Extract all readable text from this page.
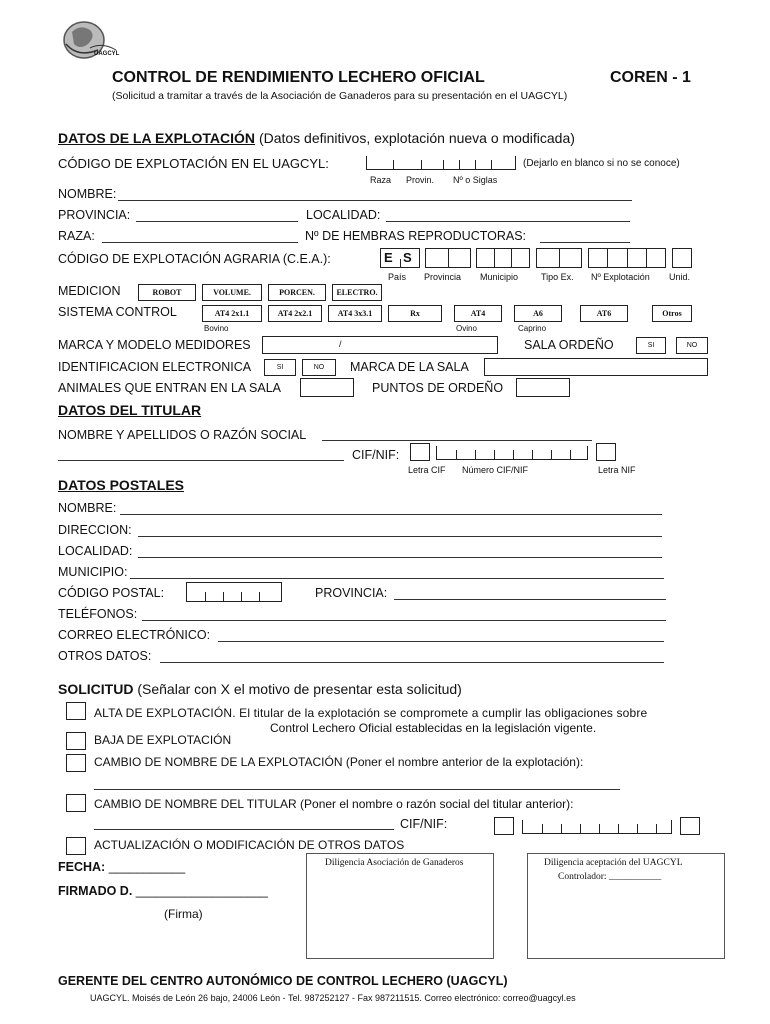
UAGCYL
CONTROL DE RENDIMIENTO LECHERO OFICIAL	COREN - 1
(Solicitud a tramitar a través de la Asociación de Ganaderos para su presentación en el UAGCYL)
DATOS DE LA EXPLOTACIÓN (Datos definitivos, explotación nueva o modificada)
CÓDIGO DE EXPLOTACIÓN EN EL UAGCYL:	(Dejarlo en blanco si no se conoce)
Raza Provin. Nº o Siglas
NOMBRE:
PROVINCIA:	LOCALIDAD:
RAZA:	Nº DE HEMBRAS REPRODUCTORAS:
CÓDIGO DE EXPLOTACIÓN AGRARIA (C.E.A.):	E S
País Provincia Municipio	Tipo Ex. Nº Explotación Unid.
MEDICION	ROBOT	VOLUME.	PORCEN.	ELECTRO.
SISTEMA CONTROL	AT4 2x1.1	AT4 2x2.1	AT4 3x3.1	Rx	AT4	A6	AT6	Otros
Bovino	Ovino	Caprino
MARCA Y MODELO MEDIDORES	/	SALA ORDEÑO	SI	NO
IDENTIFICACION ELECTRONICA	SI	NO	MARCA DE LA SALA
ANIMALES QUE ENTRAN EN LA SALA	PUNTOS DE ORDEÑO
DATOS DEL TITULAR
NOMBRE Y APELLIDOS O RAZÓN SOCIAL
CIF/NIF:
Letra CIF Número CIF/NIF	Letra NIF
DATOS POSTALES
NOMBRE:
DIRECCION:
LOCALIDAD:
MUNICIPIO:
CÓDIGO POSTAL:	PROVINCIA:
TELÉFONOS:
CORREO ELECTRÓNICO:
OTROS DATOS:
SOLICITUD (Señalar con X el motivo de presentar esta solicitud)
ALTA DE EXPLOTACIÓN. El titular de la explotación se compromete a cumplir las obligaciones sobre
Control Lechero Oficial establecidas en la legislación vigente.
BAJA DE EXPLOTACIÓN
CAMBIO DE NOMBRE DE LA EXPLOTACIÓN (Poner el nombre anterior de la explotación):
CAMBIO DE NOMBRE DEL TITULAR (Poner el nombre o razón social del titular anterior):
CIF/NIF:
ACTUALIZACIÓN O MODIFICACIÓN DE OTROS DATOS
FECHA: ___________
FIRMADO D. ___________________
(Firma)
Diligencia Asociación de Ganaderos	Diligencia aceptación del UAGCYL
Controlador: ___________
GERENTE DEL CENTRO AUTONÓMICO DE CONTROL LECHERO (UAGCYL)
UAGCYL. Moisés de León 26 bajo, 24006 León - Tel. 987252127 - Fax 987211515. Correo electrónico: correo@uagcyl.es
